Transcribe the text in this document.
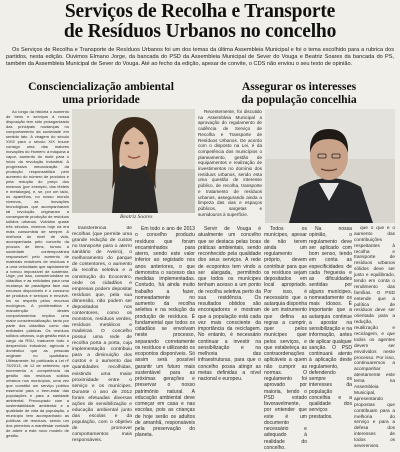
Serviços de Recolha e Transporte
de Resíduos Urbanos no concelho
Os Serviços de Recolha e Transporte de Resíduos Urbanos foi um dos temas da última Assembleia Municipal e foi o tema escolhido para a rubrica dos partidos, nesta edição. Ouvimos Elmano Jorge, da bancada do PSD da Assembleia Municipal de Sever do Vouga e Beatriz Soares da bancada do PS, também da Assembleia Municipal de Sever do Vouga. Até ao fecho da edição, apesar de convite, o CDS não enviou o seu texto de opinião.
Consciencialização ambiental
uma prioridade
Assegurar os interesses
da população concelhia

Ao longo da história o aumento de bens e serviços à nossa disposição tem sido protagonizado das principais mudanças no comportamento da sociedade em sentido lato. A viragem do século XVIII para o século XIX trouxe consigo uma das maiores inovações do Homem: a máquina a vapor, aumento do mote para o início da revolução industrial. A progressiva mecanização da produção responsabiliza pelo aumento do número de produtos e pela redução do preço dos mesmos (por exemplo, dos têxteis e metalurgia), e, se, por um lado, os aparelhos, no nosso mundo vivemos, as inovações tecnológicas que acompanharam tal revolução originaram a consequente produção de resíduos sólidos urbanos. Volvidos quase três séculos, vivemos hoje na era mais consumista de sempre. A melhoria do nível de vida, acompanhada pelo conceito da procura de bens, tornou a sociedade contemporânea responsável pelo aumento de materiais redutíveis de resíduos e a uma velocidade que rapidamente a tornou impossível de sustentar. Urge, por isso, consciencializar os cidadãos e as entidades para uma mudança de paradigma face aos recursos disponíveis e o consumo de produtos e serviços e envolvê-los no respeito pelos recursos ecológicos. A problemática e manutenção destes comportamentos implica uma maior consciencialização, tanto por parte dos cidadãos como das entidades públicas. Os resíduos sólidos urbanos, cuja gestão está a cargo da RSU, traduzem todo o desperdício industrial, agrícola e doméstico que as pessoas originam no quotidiano. Ultimamente, foi publicada a Lei nº 75/2013, de 12 de setembro, que incrementa a competência da gestão dos resíduos sólidos urbanos nos municípios, uma vez que constitui um serviço público essencial para o bem-estar das populações e para a sanidade ambiental. Preocupado com a sustentabilidade ambiental e a qualidade de vida da população, o município tem acompanhado as políticas de resíduos, sendo um dos primeiros a manifestar vontade de aderir a este novo modelo de gestão.

Beatriz Soares

transferência de recolhas (que permite uma grande redução de custos no transporte para o aterro sanitário de Aveiro), o melhoramento do parque de contentores, o aumento da recolha seletiva e a construção do Ecocentro, onde os cidadãos e empresas podem depositar resíduos que, pela sua dimensão, não podem ser depositados nos contentores, como os monstros, resíduos verdes, resíduos metálicos e madeiras. O concelho possui uma rede de recolha porta a porta, cuja implementação contribuiu para a diminuição dos custos e o aumento das quantidades recolhidas, existindo uma maior proximidade entre o serviço e os munícipes. Durante o ano de 2012 foram efetuadas diversas ações de sensibilização e educação ambiental junto das escolas e da população, com o objetivo de promover comportamentos mais responsáveis.

Em todo o ano de 2013 o concelho produziu resíduos que foram encaminhados para aterro, sendo este valor inferior ao registado nos anos anteriores, o que demonstra o sucesso das medidas implementadas. Contudo, há ainda muito trabalho a fazer, nomeadamente no aumento da recolha seletiva e na redução da produção de resíduos. É fundamental que todos os cidadãos se envolvam neste processo, separando corretamente os resíduos e utilizando os ecopontos disponíveis. Só assim será possível garantir um futuro mais sustentável para as próximas gerações e preservar o nosso património natural. A educação ambiental deve começar em casa e nas escolas, pois as crianças de hoje serão os adultos de amanhã, responsáveis pela preservação do planeta.

Recentemente, foi discutido na Assembleia Municipal a aprovação do regulamento de cadência de Serviço de Recolha e Transporte de Resíduos Urbanos. De acordo com o disposto na Lei, é da competência dos municípios o planeamento, gestão de equipamentos e realização de investimentos no domínio dos resíduos urbanos, sendo esta uma questão de interesse público, de recolha, transporte e tratamento de resíduos urbanos, assegurando ainda a limpeza das vias e espaços públicos, sargetas e sumidouros à superfície.

Elmano Jorge

Todos os munícipes, apesar de não terem ainda um regulamento próprio, devem contribuir para que os resíduos sejam depositados em local apropriado. Por isso, é necessário que a autarquia disponha de um instrumento que defina as regras a cumprir, quer pelos munícipes quer pelos serviços, e que estabeleça as contraordenações aplicáveis a quem não cumprir as normas. O regulamento foi aprovado por maioria, tendo o PSD votado favoravelmente, por entender que este é um documento necessário e adequado à realidade do concelho.

Na nossa opinião, o regulamento deve ser aplicado com bom senso, tendo em conta as especificidades de cada freguesia e as dificuldades sentidas por alguns munícipes, nomeadamente os mais idosos. É importante que a autarquia continue a apostar na sensibilização e na informação, antes de aplicar qualquer sanção. O PSD continuará atento à aplicação deste regulamento, defendendo sempre os interesses da população concelhia e a qualidade dos serviços prestados.

que o que é o aumento das contribuições respeitantes à recolha e transporte de resíduos urbanos sólidos deve ser justo e equilibrado, tendo em conta o rendimento das famílias. O PSD entende que a política de resíduos deve ser orientada para a redução, reutilização e reciclagem, e que todos os agentes devem ser envolvidos neste processo. Por isso, continuaremos a acompanhar atentamente este tema na Assembleia Municipal, apresentando propostas que contribuam para a melhoria do serviço e para a defesa dos interesses de todos os severenses.

Servir de Vouga é atualmente um concelho que se destaca pelas boas práticas ambientais, sendo reconhecido pela qualidade dos seus serviços. A rede de ecopontos tem vindo a ser alargada, permitindo que todos os munícipes tenham acesso a um ponto de recolha seletiva perto da sua residência. Os resultados obtidos são encorajadores e mostram que a população está cada vez mais consciente da importância da reciclagem. No entanto, é necessário continuar a investir na sensibilização e na melhoria das infraestruturas, para que o concelho possa atingir as metas definidas a nível nacional e europeu.
